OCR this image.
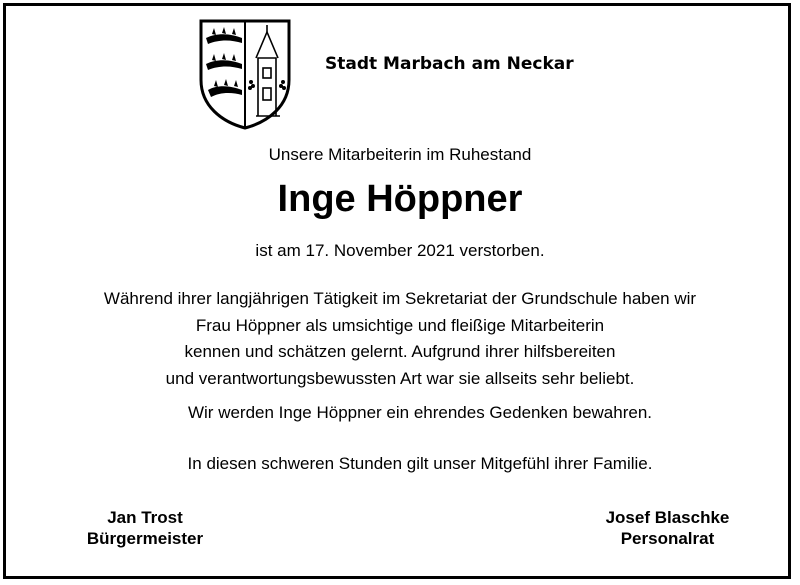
Stadt Marbach am Neckar
Unsere Mitarbeiterin im Ruhestand
Inge Höppner
ist am 17. November 2021 verstorben.
Während ihrer langjährigen Tätigkeit im Sekretariat der Grundschule haben wir
Frau Höppner als umsichtige und fleißige Mitarbeiterin
kennen und schätzen gelernt. Aufgrund ihrer hilfsbereiten
und verantwortungsbewussten Art war sie allseits sehr beliebt.
Wir werden Inge Höppner ein ehrendes Gedenken bewahren.
In diesen schweren Stunden gilt unser Mitgefühl ihrer Familie.
Jan Trost
Bürgermeister
Josef Blaschke
Personalrat
